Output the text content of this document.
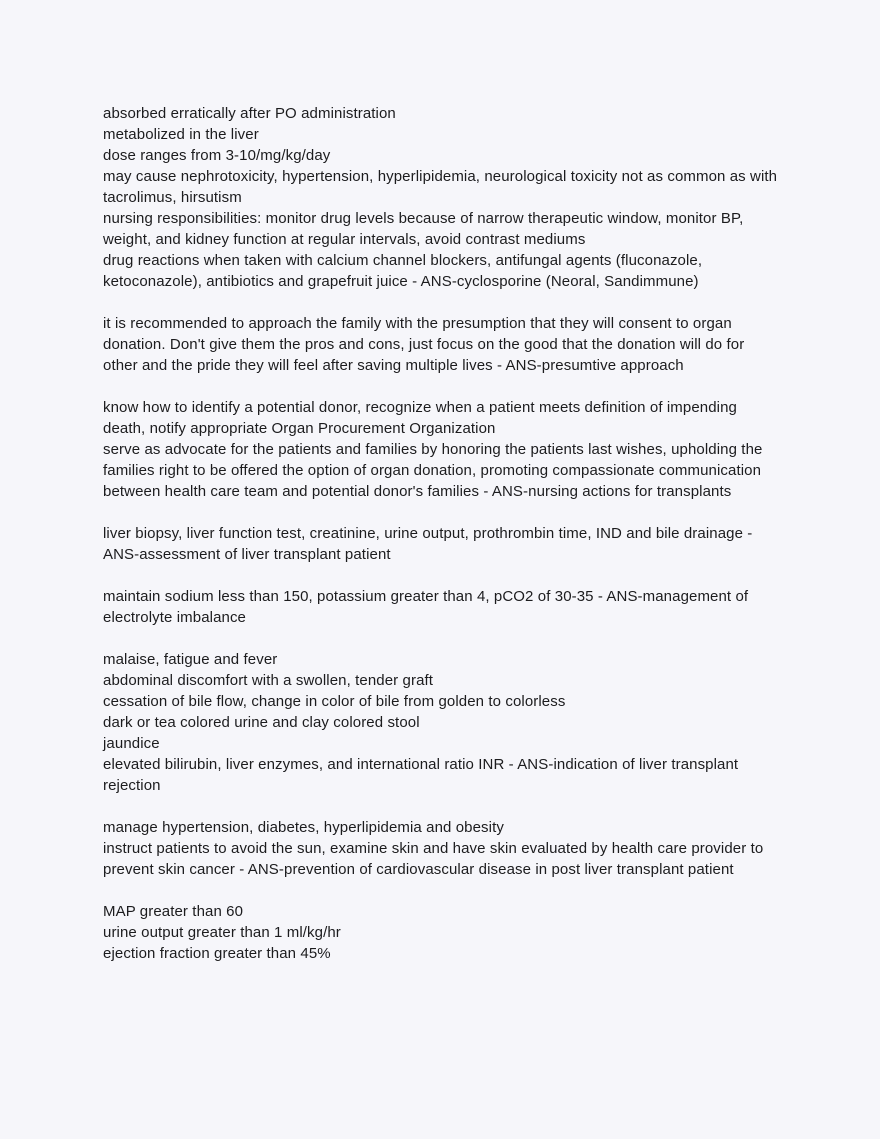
absorbed erratically after PO administration
metabolized in the liver
dose ranges from 3-10/mg/kg/day
may cause nephrotoxicity, hypertension, hyperlipidemia, neurological toxicity not as common as with tacrolimus, hirsutism
nursing responsibilities: monitor drug levels because of narrow therapeutic window, monitor BP, weight, and kidney function at regular intervals, avoid contrast mediums
drug reactions when taken with calcium channel blockers, antifungal agents (fluconazole, ketoconazole), antibiotics and grapefruit juice - ANS-cyclosporine (Neoral, Sandimmune)
it is recommended to approach the family with the presumption that they will consent to organ donation. Don't give them the pros and cons, just focus on the good that the donation will do for other and the pride they will feel after saving multiple lives - ANS-presumtive approach
know how to identify a potential donor, recognize when a patient meets definition of impending death, notify appropriate Organ Procurement Organization
serve as advocate for the patients and families by honoring the patients last wishes, upholding the families right to be offered the option of organ donation, promoting compassionate communication between health care team and potential donor's families - ANS-nursing actions for transplants
liver biopsy, liver function test, creatinine, urine output, prothrombin time, IND and bile drainage - ANS-assessment of liver transplant patient
maintain sodium less than 150, potassium greater than 4, pCO2 of 30-35 - ANS-management of electrolyte imbalance
malaise, fatigue and fever
abdominal discomfort with a swollen, tender graft
cessation of bile flow, change in color of bile from golden to colorless
dark or tea colored urine and clay colored stool
jaundice
elevated bilirubin, liver enzymes, and international ratio INR - ANS-indication of liver transplant rejection
manage hypertension, diabetes, hyperlipidemia and obesity
instruct patients to avoid the sun, examine skin and have skin evaluated by health care provider to prevent skin cancer - ANS-prevention of cardiovascular disease in post liver transplant patient
MAP greater than 60
urine output greater than 1 ml/kg/hr
ejection fraction greater than 45%
